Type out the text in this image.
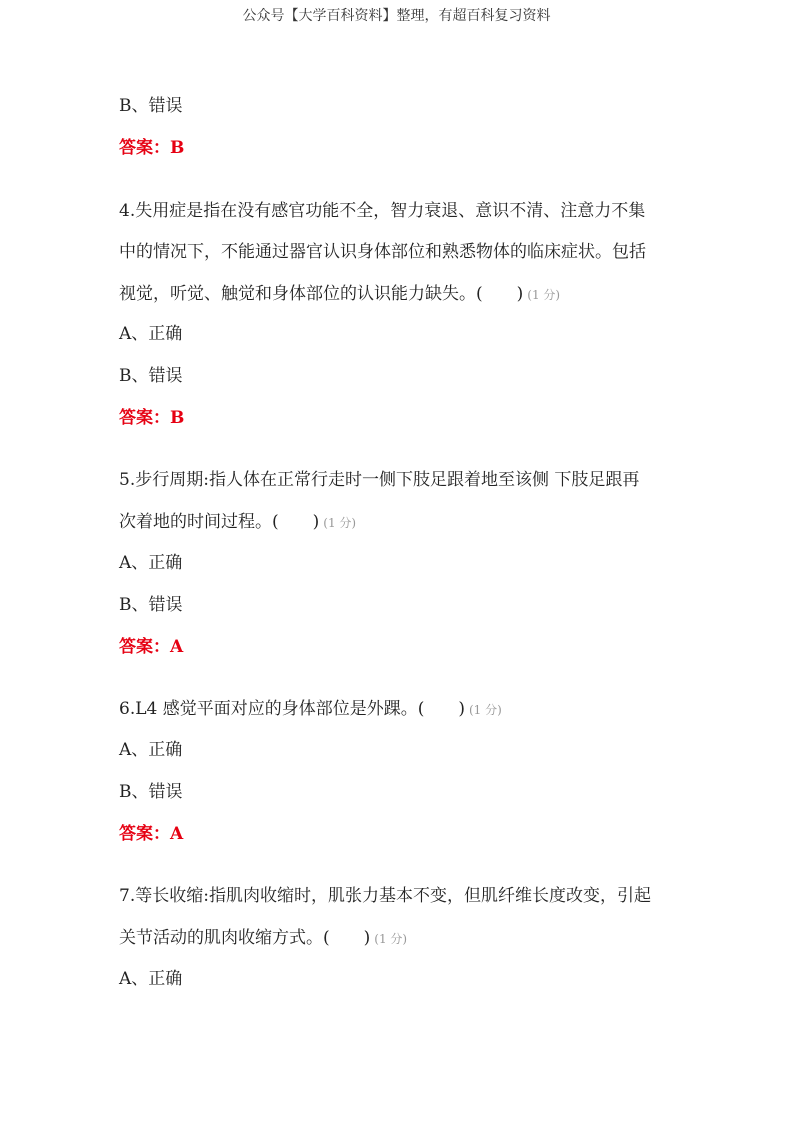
公众号【大学百科资料】整理，有超百科复习资料
B、错误
答案：B
4.失用症是指在没有感官功能不全，智力衰退、意识不清、注意力不集
中的情况下，不能通过器官认识身体部位和熟悉物体的临床症状。包括
视觉，听觉、触觉和身体部位的认识能力缺失。(　　) (1 分)
A、正确
B、错误
答案：B
5.步行周期:指人体在正常行走时一侧下肢足跟着地至该侧 下肢足跟再
次着地的时间过程。(　　) (1 分)
A、正确
B、错误
答案：A
6.L4 感觉平面对应的身体部位是外踝。(　　) (1 分)
A、正确
B、错误
答案：A
7.等长收缩:指肌肉收缩时，肌张力基本不变，但肌纤维长度改变，引起
关节活动的肌肉收缩方式。(　　) (1 分)
A、正确
